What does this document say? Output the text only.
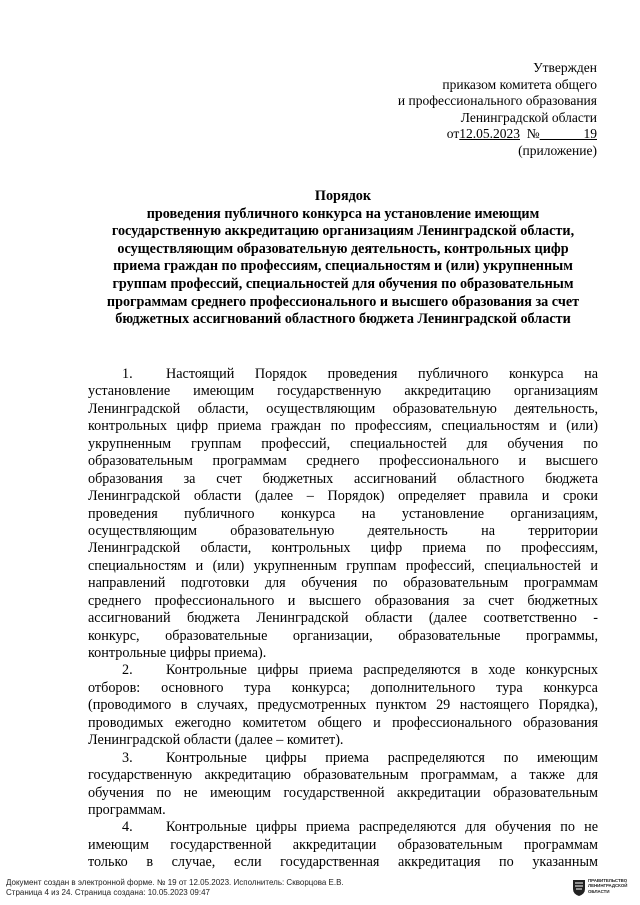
Утвержден
приказом комитета общего
и профессионального образования
Ленинградской области
от12.05.2023 №	19
(приложение)
Порядок
проведения публичного конкурса на установление имеющим
государственную аккредитацию организациям Ленинградской области,
осуществляющим образовательную деятельность, контрольных цифр
приема граждан по профессиям, специальностям и (или) укрупненным
группам профессий, специальностей для обучения по образовательным
программам среднего профессионального и высшего образования за счет
бюджетных ассигнований областного бюджета Ленинградской области
1. Настоящий Порядок проведения публичного конкурса на
установление имеющим государственную аккредитацию организациям
Ленинградской области, осуществляющим образовательную деятельность,
контрольных цифр приема граждан по профессиям, специальностям и (или)
укрупненным группам профессий, специальностей для обучения по
образовательным программам среднего профессионального и высшего
образования за счет бюджетных ассигнований областного бюджета
Ленинградской области (далее – Порядок) определяет правила и сроки
проведения публичного конкурса на установление организациям,
осуществляющим образовательную деятельность на территории
Ленинградской области, контрольных цифр приема по профессиям,
специальностям и (или) укрупненным группам профессий, специальностей и
направлений подготовки для обучения по образовательным программам
среднего профессионального и высшего образования за счет бюджетных
ассигнований бюджета Ленинградской области (далее соответственно -
конкурс, образовательные организации, образовательные программы,
контрольные цифры приема).
2. Контрольные цифры приема распределяются в ходе конкурсных
отборов: основного тура конкурса; дополнительного тура конкурса
(проводимого в случаях, предусмотренных пунктом 29 настоящего Порядка),
проводимых ежегодно комитетом общего и профессионального образования
Ленинградской области (далее – комитет).
3. Контрольные цифры приема распределяются по имеющим
государственную аккредитацию образовательным программам, а также для
обучения по не имеющим государственной аккредитации образовательным
программам.
4. Контрольные цифры приема распределяются для обучения по не
имеющим государственной аккредитации образовательным программам
только в случае, если государственная аккредитация по указанным
Документ создан в электронной форме. № 19 от 12.05.2023. Исполнитель: Скворцова Е.В.
Страница 4 из 24. Страница создана: 10.05.2023 09:47
ПРАВИТЕЛЬСТВО
ЛЕНИНГРАДСКОЙ
ОБЛАСТИ
